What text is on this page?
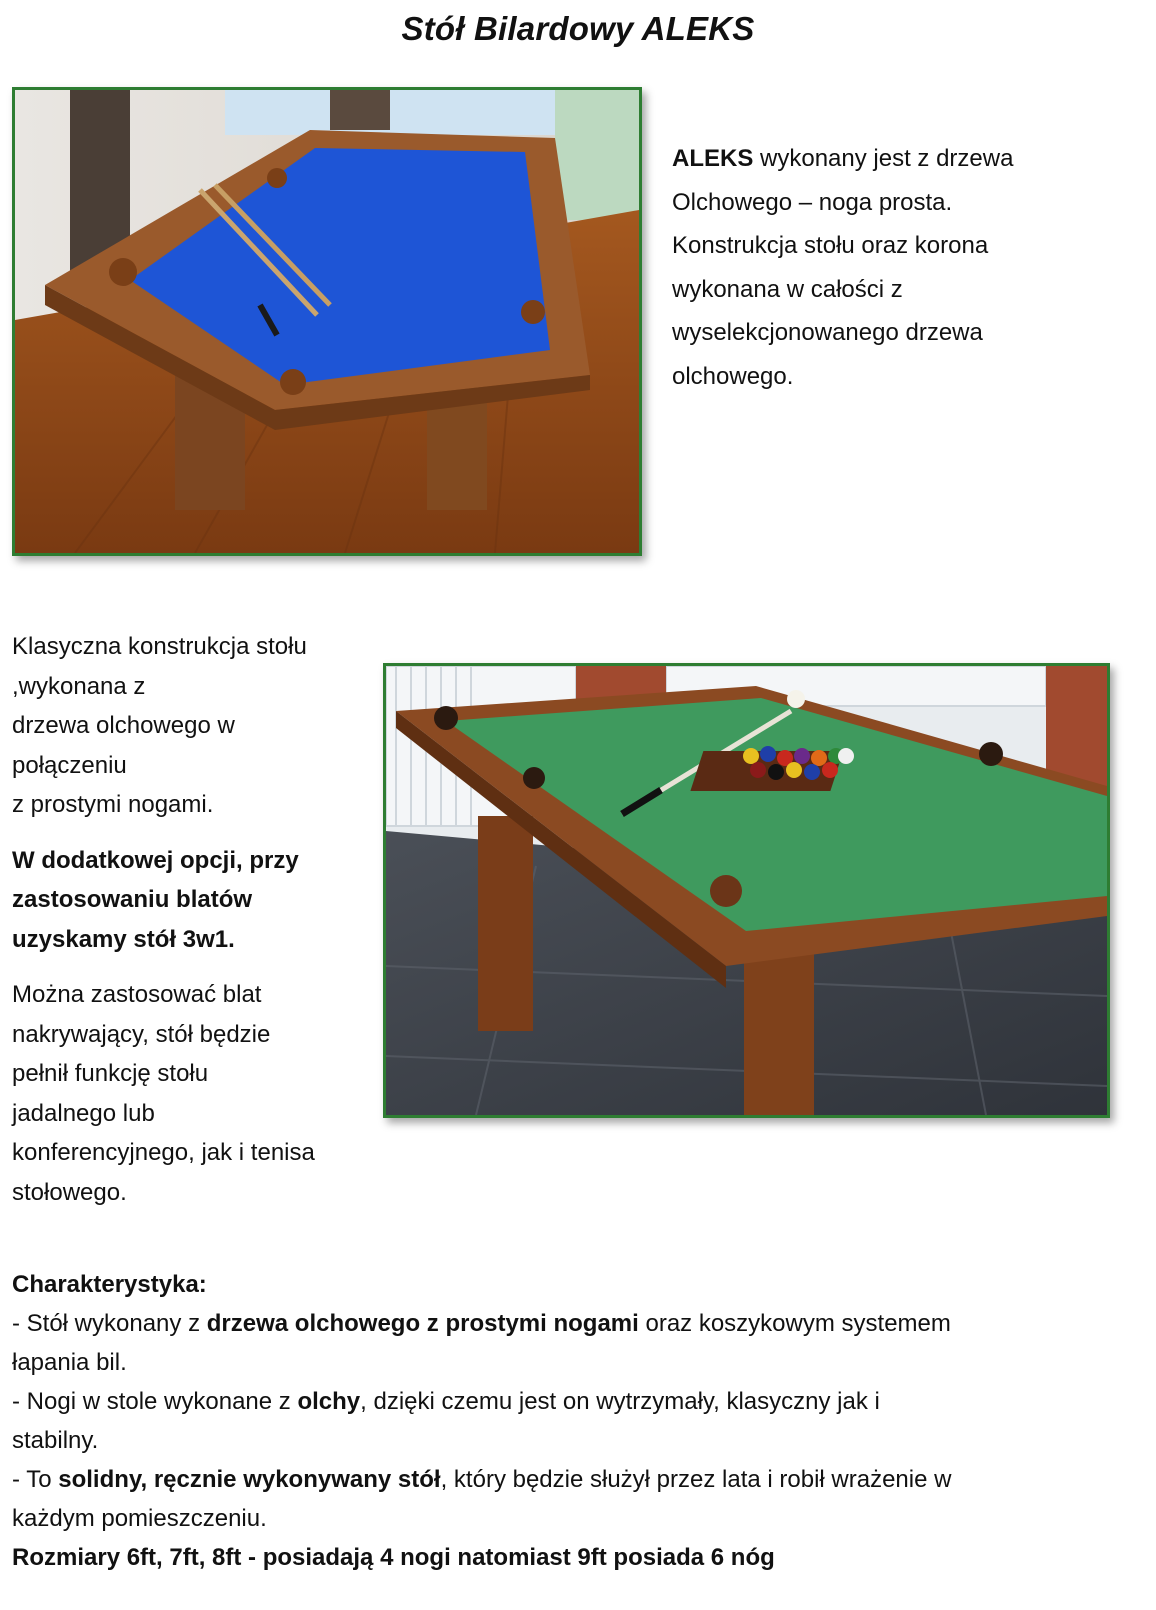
Stół Bilardowy ALEKS
ALEKS wykonany jest z drzewa
Olchowego – noga prosta.
Konstrukcja stołu oraz korona
wykonana w całości z
wyselekcjonowanego drzewa
olchowego.

Klasyczna konstrukcja stołu
,wykonana z
drzewa olchowego w
połączeniu
z prostymi nogami.

W dodatkowej opcji, przy
zastosowaniu blatów
uzyskamy stół 3w1.

Można zastosować blat
nakrywający, stół będzie
pełnił funkcję stołu
jadalnego lub
konferencyjnego, jak i tenisa
stołowego.

Charakterystyka:
- Stół wykonany z drzewa olchowego z prostymi nogami oraz koszykowym systemem
łapania bil.
- Nogi w stole wykonane z olchy, dzięki czemu jest on wytrzymały, klasyczny jak i
stabilny.
- To solidny, ręcznie wykonywany stół, który będzie służył przez lata i robił wrażenie w
każdym pomieszczeniu.
Rozmiary 6ft, 7ft, 8ft - posiadają 4 nogi natomiast 9ft posiada 6 nóg
